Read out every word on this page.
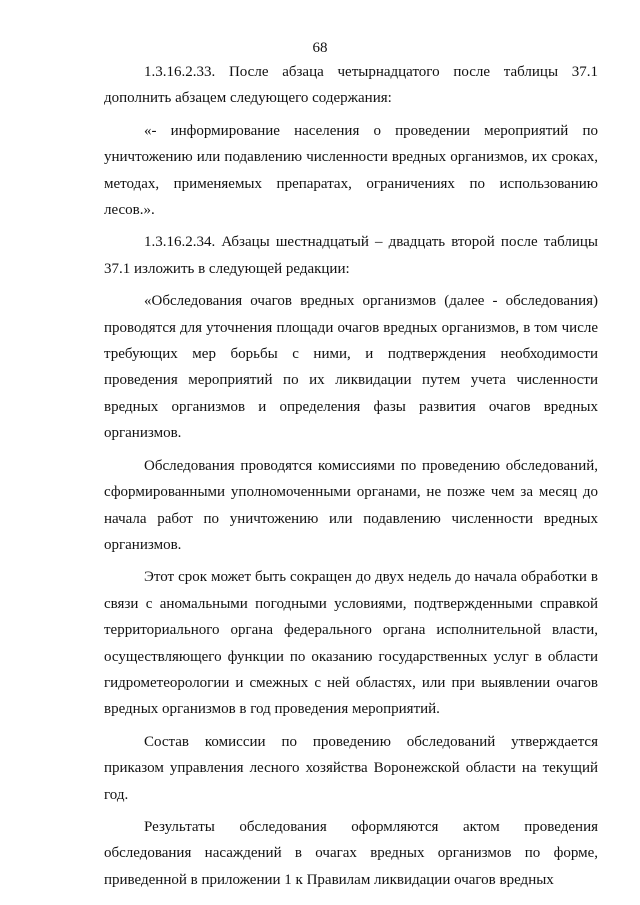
68

1.3.16.2.33. После абзаца четырнадцатого после таблицы 37.1 дополнить абзацем следующего содержания:

«- информирование населения о проведении мероприятий по уничтожению или подавлению численности вредных организмов, их сроках, методах, применяемых препаратах, ограничениях по использованию лесов.».

1.3.16.2.34. Абзацы шестнадцатый – двадцать второй после таблицы 37.1 изложить в следующей редакции:

«Обследования очагов вредных организмов (далее - обследования) проводятся для уточнения площади очагов вредных организмов, в том числе требующих мер борьбы с ними, и подтверждения необходимости проведения мероприятий по их ликвидации путем учета численности вредных организмов и определения фазы развития очагов вредных организмов.

Обследования проводятся комиссиями по проведению обследований, сформированными уполномоченными органами, не позже чем за месяц до начала работ по уничтожению или подавлению численности вредных организмов.

Этот срок может быть сокращен до двух недель до начала обработки в связи с аномальными погодными условиями, подтвержденными справкой территориального органа федерального органа исполнительной власти, осуществляющего функции по оказанию государственных услуг в области гидрометеорологии и смежных с ней областях, или при выявлении очагов вредных организмов в год проведения мероприятий.

Состав комиссии по проведению обследований утверждается приказом управления лесного хозяйства Воронежской области на текущий год.

Результаты обследования оформляются актом проведения обследования насаждений в очагах вредных организмов по форме, приведенной в приложении 1 к Правилам ликвидации очагов вредных
